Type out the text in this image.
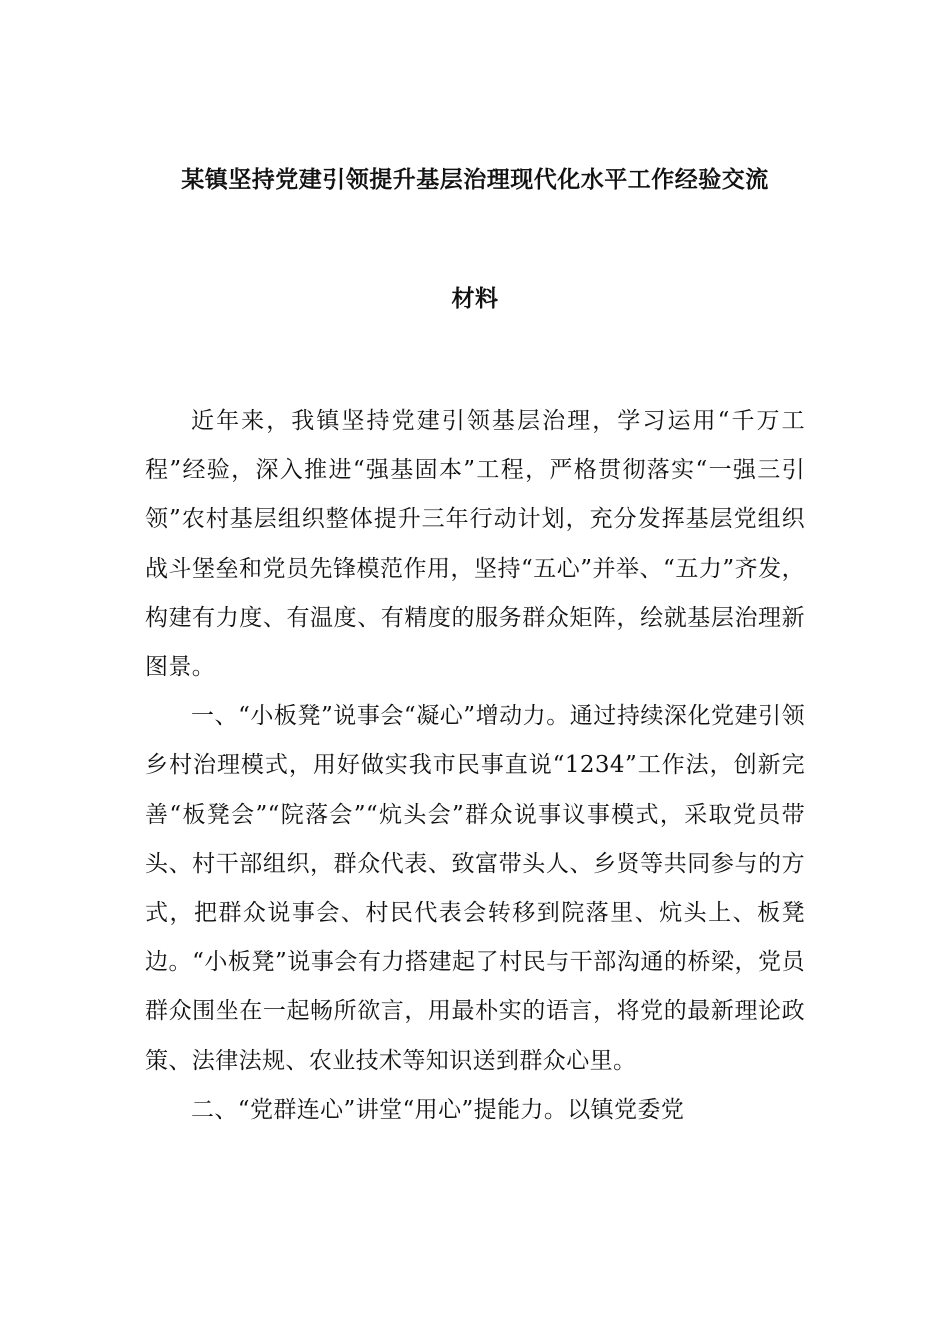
某镇坚持党建引领提升基层治理现代化水平工作经验交流
材料

近年来，我镇坚持党建引领基层治理，学习运用“千万工程”经验，深入推进“强基固本”工程，严格贯彻落实“一强三引领”农村基层组织整体提升三年行动计划，充分发挥基层党组织战斗堡垒和党员先锋模范作用，坚持“五心”并举、“五力”齐发，构建有力度、有温度、有精度的服务群众矩阵，绘就基层治理新图景。

一、“小板凳”说事会“凝心”增动力。通过持续深化党建引领乡村治理模式，用好做实我市民事直说“1234”工作法，创新完善“板凳会”“院落会”“炕头会”群众说事议事模式，采取党员带头、村干部组织，群众代表、致富带头人、乡贤等共同参与的方式，把群众说事会、村民代表会转移到院落里、炕头上、板凳边。“小板凳”说事会有力搭建起了村民与干部沟通的桥梁，党员群众围坐在一起畅所欲言，用最朴实的语言，将党的最新理论政策、法律法规、农业技术等知识送到群众心里。

二、“党群连心”讲堂“用心”提能力。以镇党委党
